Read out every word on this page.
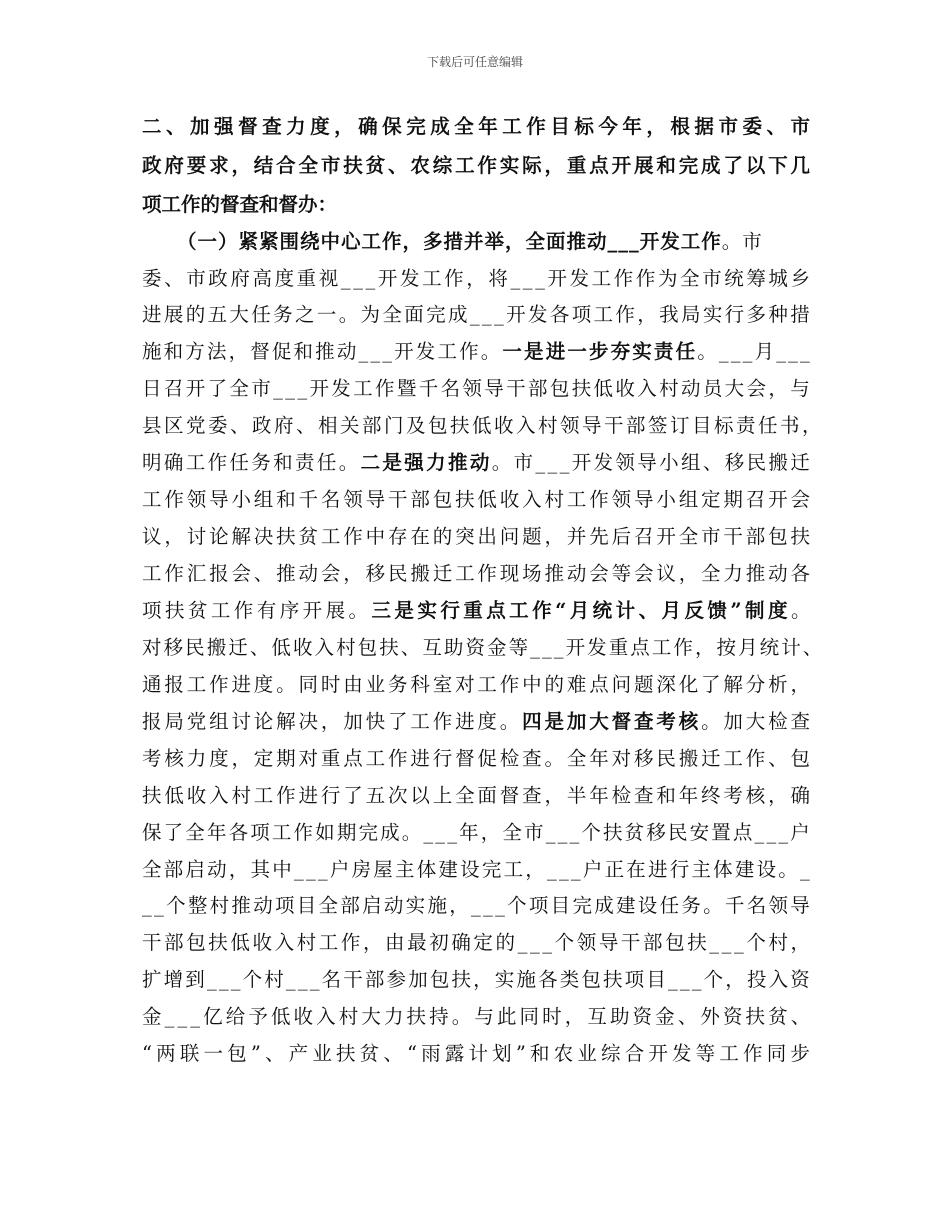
下载后可任意编辑
二、加强督查力度，确保完成全年工作目标今年，根据市委、市
政府要求，结合全市扶贫、农综工作实际，重点开展和完成了以下几
项工作的督查和督办：
（一）紧紧围绕中心工作，多措并举，全面推动___开发工作。市
委、市政府高度重视___开发工作，将___开发工作作为全市统筹城乡
进展的五大任务之一。为全面完成___开发各项工作，我局实行多种措
施和方法，督促和推动___开发工作。一是进一步夯实责任。___月___
日召开了全市___开发工作暨千名领导干部包扶低收入村动员大会，与
县区党委、政府、相关部门及包扶低收入村领导干部签订目标责任书，
明确工作任务和责任。二是强力推动。市___开发领导小组、移民搬迁
工作领导小组和千名领导干部包扶低收入村工作领导小组定期召开会
议，讨论解决扶贫工作中存在的突出问题，并先后召开全市干部包扶
工作汇报会、推动会，移民搬迁工作现场推动会等会议，全力推动各
项扶贫工作有序开展。三是实行重点工作“月统计、月反馈”制度。
对移民搬迁、低收入村包扶、互助资金等___开发重点工作，按月统计、
通报工作进度。同时由业务科室对工作中的难点问题深化了解分析，
报局党组讨论解决，加快了工作进度。四是加大督查考核。加大检查
考核力度，定期对重点工作进行督促检查。全年对移民搬迁工作、包
扶低收入村工作进行了五次以上全面督查，半年检查和年终考核，确
保了全年各项工作如期完成。___年，全市___个扶贫移民安置点___户
全部启动，其中___户房屋主体建设完工，___户正在进行主体建设。_
__个整村推动项目全部启动实施，___个项目完成建设任务。千名领导
干部包扶低收入村工作，由最初确定的___个领导干部包扶___个村，
扩增到___个村___名干部参加包扶，实施各类包扶项目___个，投入资
金___亿给予低收入村大力扶持。与此同时，互助资金、外资扶贫、
“两联一包”、产业扶贫、“雨露计划”和农业综合开发等工作同步
